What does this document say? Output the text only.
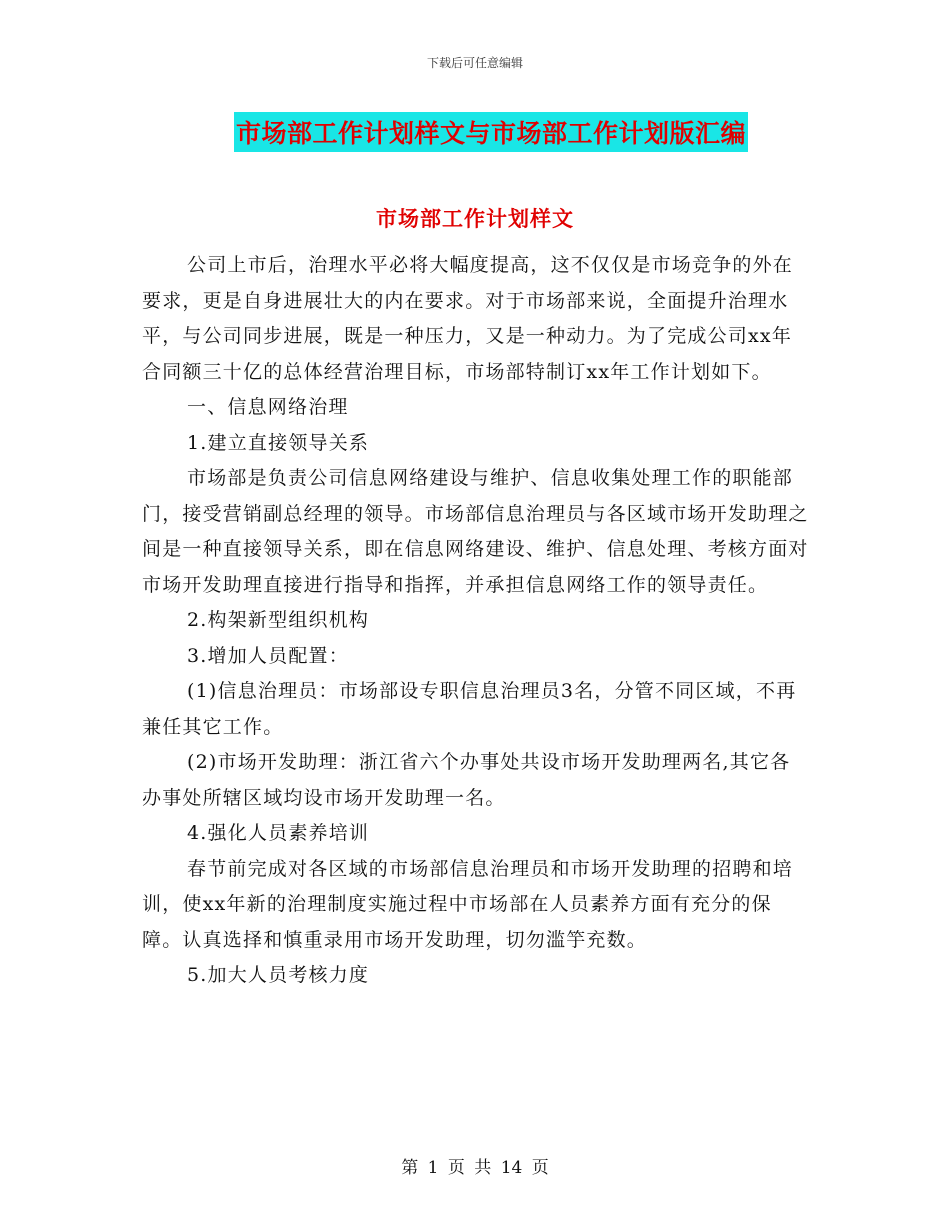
下载后可任意编辑
市场部工作计划样文与市场部工作计划版汇编
市场部工作计划样文

公司上市后，治理水平必将大幅度提高，这不仅仅是市场竞争的外在要求，更是自身进展壮大的内在要求。对于市场部来说，全面提升治理水平，与公司同步进展，既是一种压力，又是一种动力。为了完成公司xx年合同额三十亿的总体经营治理目标，市场部特制订xx年工作计划如下。

一、信息网络治理

1.建立直接领导关系

市场部是负责公司信息网络建设与维护、信息收集处理工作的职能部门，接受营销副总经理的领导。市场部信息治理员与各区域市场开发助理之间是一种直接领导关系，即在信息网络建设、维护、信息处理、考核方面对市场开发助理直接进行指导和指挥，并承担信息网络工作的领导责任。

2.构架新型组织机构

3.增加人员配置：

(1)信息治理员：市场部设专职信息治理员3名，分管不同区域，不再兼任其它工作。

(2)市场开发助理：浙江省六个办事处共设市场开发助理两名,其它各办事处所辖区域均设市场开发助理一名。

4.强化人员素养培训

春节前完成对各区域的市场部信息治理员和市场开发助理的招聘和培训，使xx年新的治理制度实施过程中市场部在人员素养方面有充分的保障。认真选择和慎重录用市场开发助理，切勿滥竽充数。

5.加大人员考核力度

第 1 页 共 14 页
